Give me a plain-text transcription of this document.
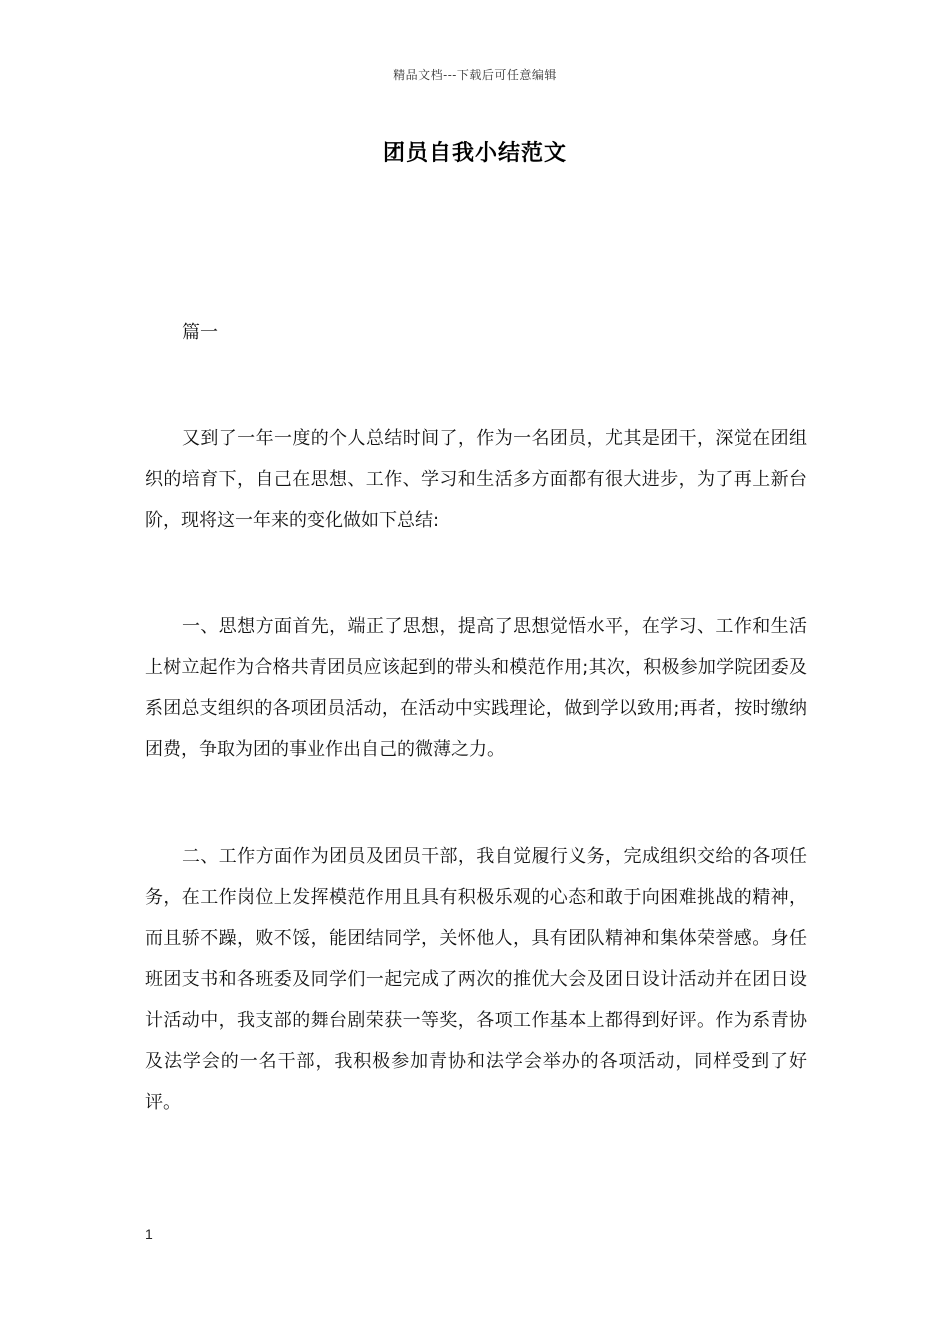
精品文档---下载后可任意编辑
团员自我小结范文
篇一

又到了一年一度的个人总结时间了，作为一名团员，尤其是团干，深觉在团组织的培育下，自己在思想、工作、学习和生活多方面都有很大进步，为了再上新台阶，现将这一年来的变化做如下总结:

一、思想方面首先，端正了思想，提高了思想觉悟水平，在学习、工作和生活上树立起作为合格共青团员应该起到的带头和模范作用;其次，积极参加学院团委及系团总支组织的各项团员活动，在活动中实践理论，做到学以致用;再者，按时缴纳团费，争取为团的事业作出自己的微薄之力。

二、工作方面作为团员及团员干部，我自觉履行义务，完成组织交给的各项任务，在工作岗位上发挥模范作用且具有积极乐观的心态和敢于向困难挑战的精神，而且骄不躁，败不馁，能团结同学，关怀他人，具有团队精神和集体荣誉感。身任班团支书和各班委及同学们一起完成了两次的推优大会及团日设计活动并在团日设计活动中，我支部的舞台剧荣获一等奖，各项工作基本上都得到好评。作为系青协及法学会的一名干部，我积极参加青协和法学会举办的各项活动，同样受到了好评。

1
